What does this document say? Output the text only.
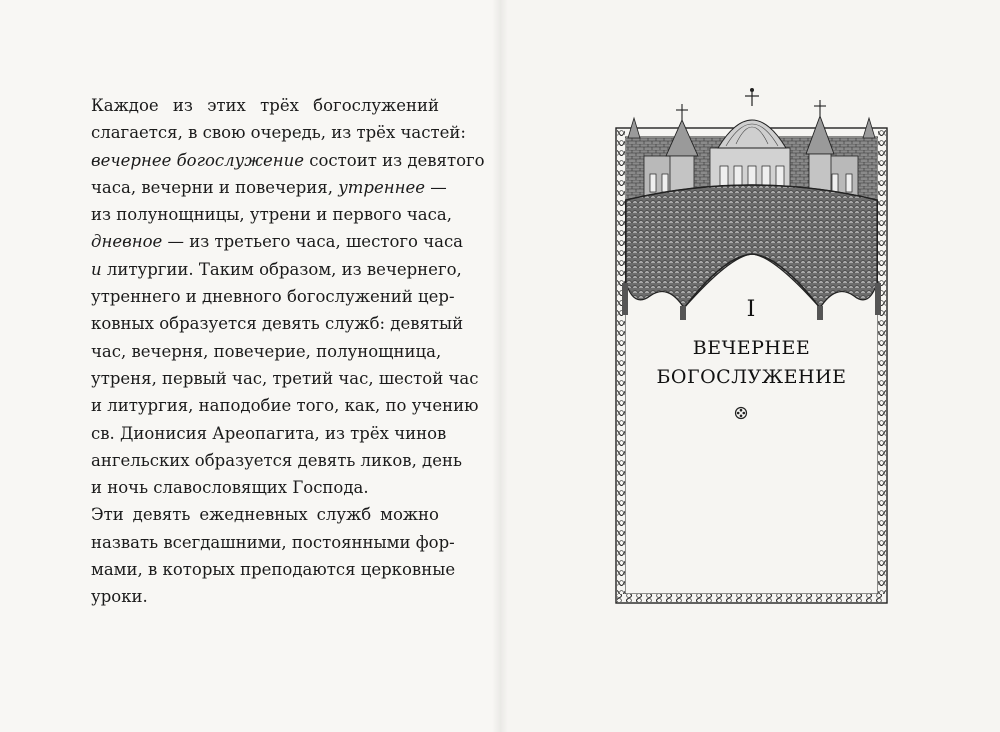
Каждое из этих трёх богослужений
слагается, в свою очередь, из трёх частей:
вечернее богослужение состоит из девятого
часа, вечерни и повечерия, утреннее —
из полунощницы, утрени и первого часа,
дневное — из третьего часа, шестого часа
и литургии. Таким образом, из вечернего,
утреннего и дневного богослужений цер-
ковных образуется девять служб: девятый
час, вечерня, повечерие, полунощница,
утреня, первый час, третий час, шестой час
и литургия, наподобие того, как, по учению
св. Дионисия Ареопагита, из трёх чинов
ангельских образуется девять ликов, день
и ночь славословящих Господа.
Эти девять ежедневных служб можно
назвать всегдашними, постоянными фор-
мами, в которых преподаются церковные
уроки.
I
ВЕЧЕРНЕЕ
БОГОСЛУЖЕНИЕ
